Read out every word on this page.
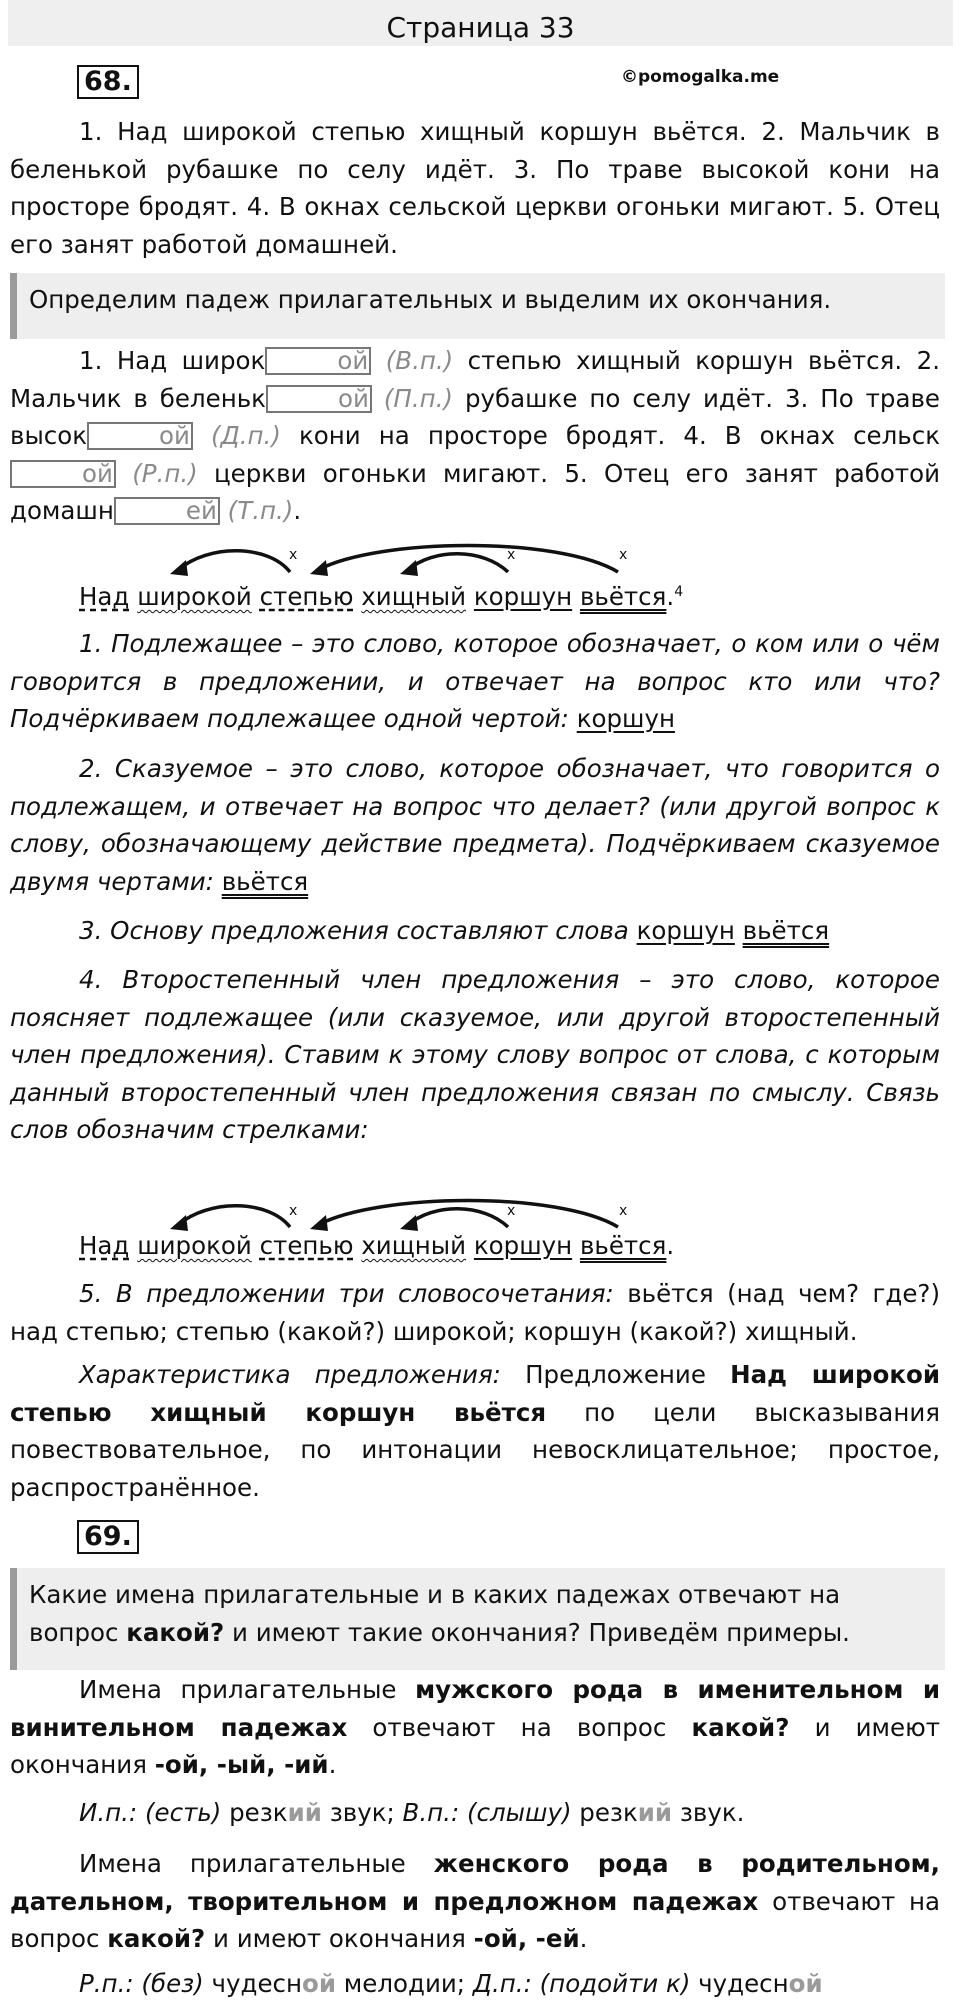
Страница 33
68.	©pomogalka.me
1. Над широкой степью хищный коршун вьётся. 2. Мальчик в беленькой рубашке по селу идёт. 3. По траве высокой кони на просторе бродят. 4. В окнах сельской церкви огоньки мигают. 5. Отец его занят работой домашней.
Определим падеж прилагательных и выделим их окончания.
1. Над широк	ой (В.п.) степью хищный коршун вьётся. 2. Мальчик в беленьк	ой (П.п.) рубашке по селу идёт. 3. По траве высок	ой (Д.п.) кони на просторе бродят. 4. В окнах сельской (Р.п.) церкви огоньки мигают. 5. Отец его занят работой домашн	ей (Т.п.).
x	x	x
Над широкой степью хищный коршун вьётся.$^4$
1. Подлежащее – это слово, которое обозначает, о ком или о чём говорится в предложении, и отвечает на вопрос кто или что? Подчёркиваем подлежащее одной чертой: коршун
2. Сказуемое – это слово, которое обозначает, что говорится о подлежащем, и отвечает на вопрос что делает? (или другой вопрос к слову, обозначающему действие предмета). Подчёркиваем сказуемое двумя чертами: вьётся
3. Основу предложения составляют слова коршун вьётся
4. Второстепенный член предложения – это слово, которое поясняет подлежащее (или сказуемое, или другой второстепенный член предложения). Ставим к этому слову вопрос от слова, с которым данный второстепенный член предложения связан по смыслу. Связь слов обозначим стрелками:
x	x	x
Над широкой степью хищный коршун вьётся.
5. В предложении три словосочетания: вьётся (над чем? где?) над степью; степью (какой?) широкой; коршун (какой?) хищный.
Характеристика предложения: Предложение Над широкой степью хищный коршун вьётся по цели высказывания повествовательное, по интонации невосклицательное; простое, распространённое.
69.
Какие имена прилагательные и в каких падежах отвечают на вопрос какой? и имеют такие окончания? Приведём примеры.
Имена прилагательные мужского рода в именительном и винительном падежах отвечают на вопрос какой? и имеют окончания -ой, -ый, -ий.
И.п.: (есть) резкий звук; В.п.: (слышу) резкий звук.
Имена прилагательные женского рода в родительном, дательном, творительном и предложном падежах отвечают на вопрос какой? и имеют окончания -ой, -ей.
Р.п.: (без) чудесной мелодии; Д.п.: (подойти к) чудесной
